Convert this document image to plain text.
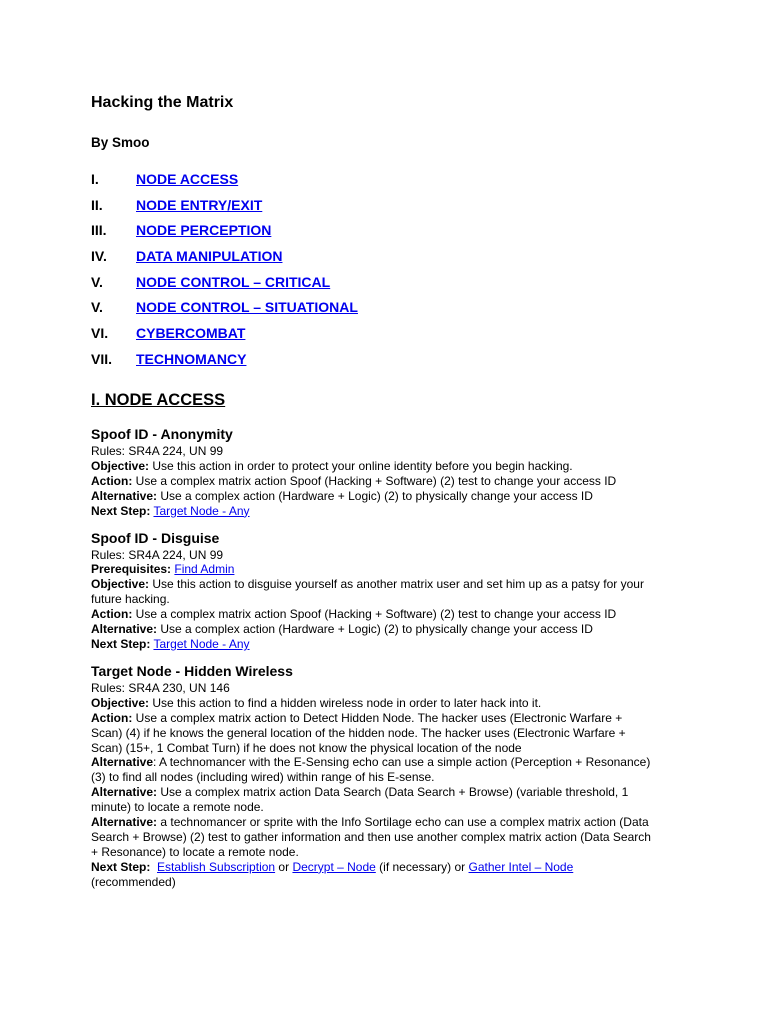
Hacking the Matrix

By Smoo

I.	NODE ACCESS
II. NODE ENTRY/EXIT
III. NODE PERCEPTION
IV. DATA MANIPULATION
V. NODE CONTROL – CRITICAL
V. NODE CONTROL – SITUATIONAL
VI. CYBERCOMBAT
VII. TECHNOMANCY
I. NODE ACCESS
Spoof ID - Anonymity

Rules: SR4A 224, UN 99

Objective: Use this action in order to protect your online identity before you begin hacking.

Action: Use a complex matrix action Spoof (Hacking + Software) (2) test to change your access ID

Alternative: Use a complex action (Hardware + Logic) (2) to physically change your access ID

Next Step: Target Node - Any

Spoof ID - Disguise

Rules: SR4A 224, UN 99

Prerequisites: Find Admin

Objective: Use this action to disguise yourself as another matrix user and set him up as a patsy for your

future hacking.

Action: Use a complex matrix action Spoof (Hacking + Software) (2) test to change your access ID

Alternative: Use a complex action (Hardware + Logic) (2) to physically change your access ID

Next Step: Target Node - Any

Target Node - Hidden Wireless

Rules: SR4A 230, UN 146

Objective: Use this action to find a hidden wireless node in order to later hack into it.

Action: Use a complex matrix action to Detect Hidden Node. The hacker uses (Electronic Warfare +

Scan) (4) if he knows the general location of the hidden node. The hacker uses (Electronic Warfare +

Scan) (15+, 1 Combat Turn) if he does not know the physical location of the node

Alternative: A technomancer with the E-Sensing echo can use a simple action (Perception + Resonance)

(3) to find all nodes (including wired) within range of his E-sense.

Alternative: Use a complex matrix action Data Search (Data Search + Browse) (variable threshold, 1

minute) to locate a remote node.

Alternative: a technomancer or sprite with the Info Sortilage echo can use a complex matrix action (Data

Search + Browse) (2) test to gather information and then use another complex matrix action (Data Search

+ Resonance) to locate a remote node.

Next Step: Establish Subscription or Decrypt – Node (if necessary) or Gather Intel – Node

(recommended)
